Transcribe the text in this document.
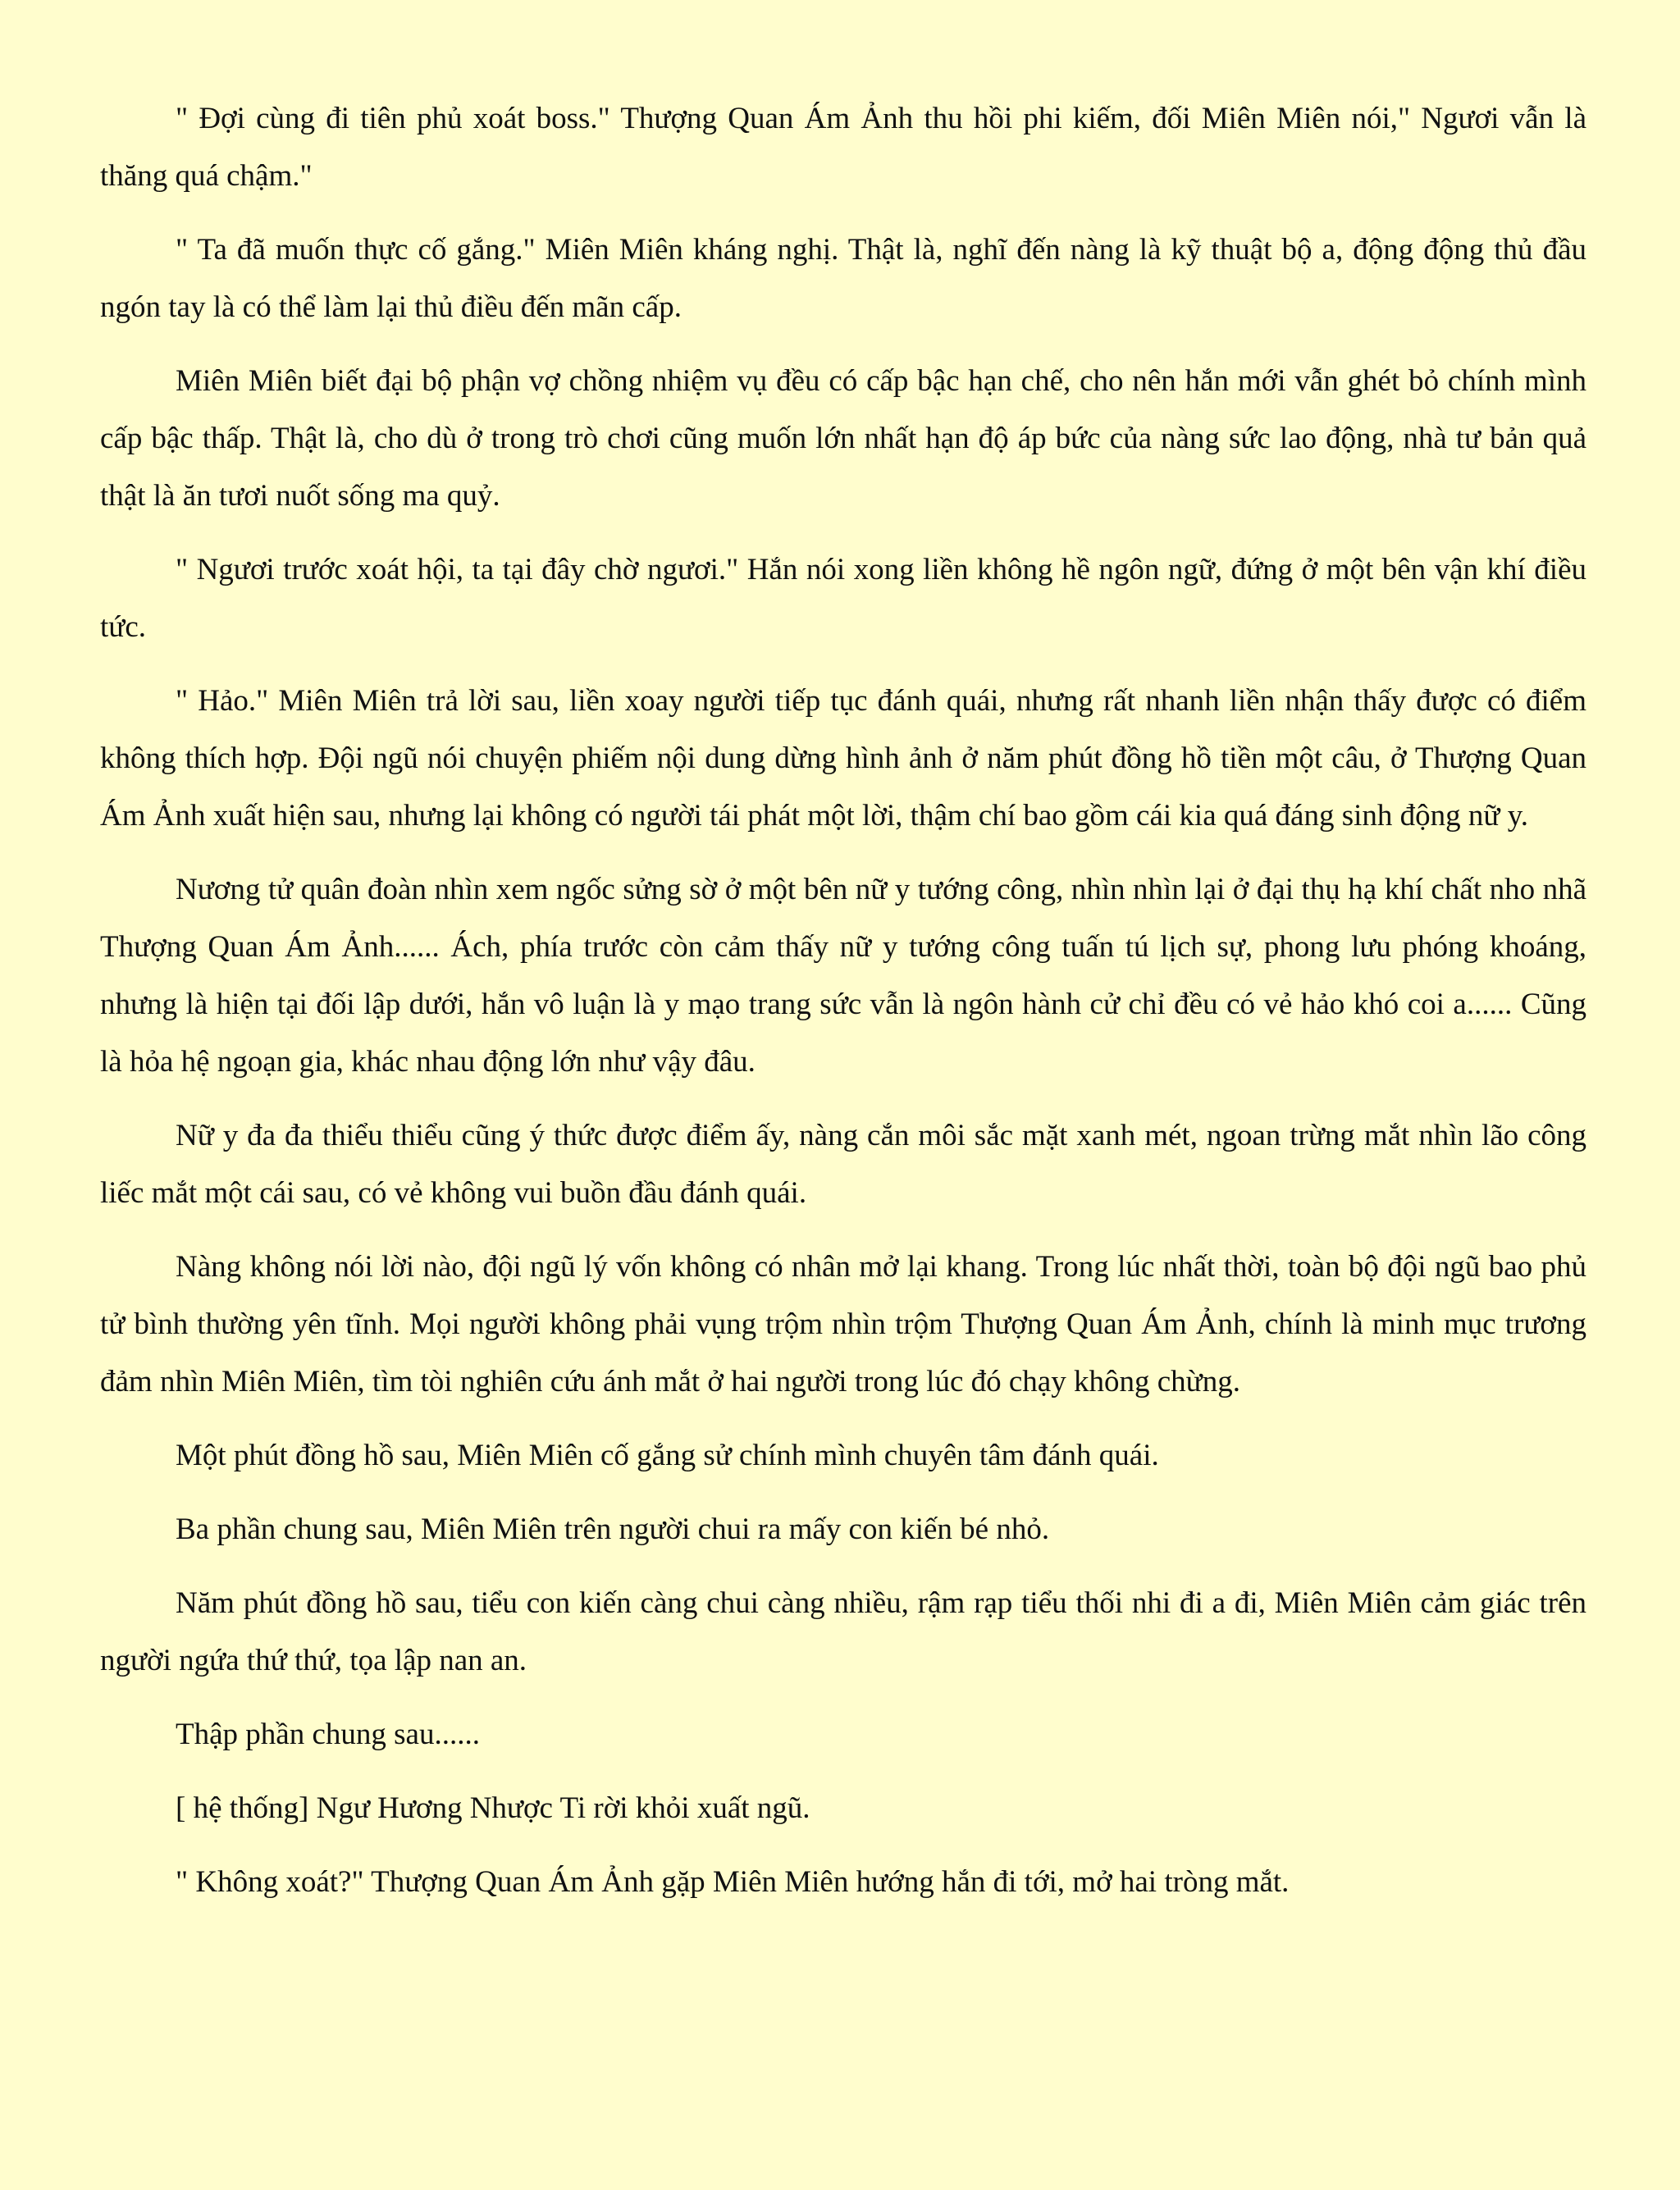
" Đợi cùng đi tiên phủ xoát boss." Thượng Quan Ám Ảnh thu hồi phi kiếm, đối Miên Miên nói," Ngươi vẫn là thăng quá chậm."

" Ta đã muốn thực cố gắng." Miên Miên kháng nghị. Thật là, nghĩ đến nàng là kỹ thuật bộ a, động động thủ đầu ngón tay là có thể làm lại thủ điều đến mãn cấp.

Miên Miên biết đại bộ phận vợ chồng nhiệm vụ đều có cấp bậc hạn chế, cho nên hắn mới vẫn ghét bỏ chính mình cấp bậc thấp. Thật là, cho dù ở trong trò chơi cũng muốn lớn nhất hạn độ áp bức của nàng sức lao động, nhà tư bản quả thật là ăn tươi nuốt sống ma quỷ.

" Ngươi trước xoát hội, ta tại đây chờ ngươi." Hắn nói xong liền không hề ngôn ngữ, đứng ở một bên vận khí điều tức.

" Hảo." Miên Miên trả lời sau, liền xoay người tiếp tục đánh quái, nhưng rất nhanh liền nhận thấy được có điểm không thích hợp. Đội ngũ nói chuyện phiếm nội dung dừng hình ảnh ở năm phút đồng hồ tiền một câu, ở Thượng Quan Ám Ảnh xuất hiện sau, nhưng lại không có người tái phát một lời, thậm chí bao gồm cái kia quá đáng sinh động nữ y.

Nương tử quân đoàn nhìn xem ngốc sửng sờ ở một bên nữ y tướng công, nhìn nhìn lại ở đại thụ hạ khí chất nho nhã Thượng Quan Ám Ảnh...... Ách, phía trước còn cảm thấy nữ y tướng công tuấn tú lịch sự, phong lưu phóng khoáng, nhưng là hiện tại đối lập dưới, hắn vô luận là y mạo trang sức vẫn là ngôn hành cử chỉ đều có vẻ hảo khó coi a...... Cũng là hỏa hệ ngoạn gia, khác nhau động lớn như vậy đâu.

Nữ y đa đa thiểu thiểu cũng ý thức được điểm ấy, nàng cắn môi sắc mặt xanh mét, ngoan trừng mắt nhìn lão công liếc mắt một cái sau, có vẻ không vui buồn đầu đánh quái.

Nàng không nói lời nào, đội ngũ lý vốn không có nhân mở lại khang. Trong lúc nhất thời, toàn bộ đội ngũ bao phủ tử bình thường yên tĩnh. Mọi người không phải vụng trộm nhìn trộm Thượng Quan Ám Ảnh, chính là minh mục trương đảm nhìn Miên Miên, tìm tòi nghiên cứu ánh mắt ở hai người trong lúc đó chạy không chừng.

Một phút đồng hồ sau, Miên Miên cố gắng sử chính mình chuyên tâm đánh quái.

Ba phần chung sau, Miên Miên trên người chui ra mấy con kiến bé nhỏ.

Năm phút đồng hồ sau, tiểu con kiến càng chui càng nhiều, rậm rạp tiểu thối nhi đi a đi, Miên Miên cảm giác trên người ngứa thứ thứ, tọa lập nan an.

Thập phần chung sau......

[ hệ thống] Ngư Hương Nhược Ti rời khỏi xuất ngũ.

" Không xoát?" Thượng Quan Ám Ảnh gặp Miên Miên hướng hắn đi tới, mở hai tròng mắt.
